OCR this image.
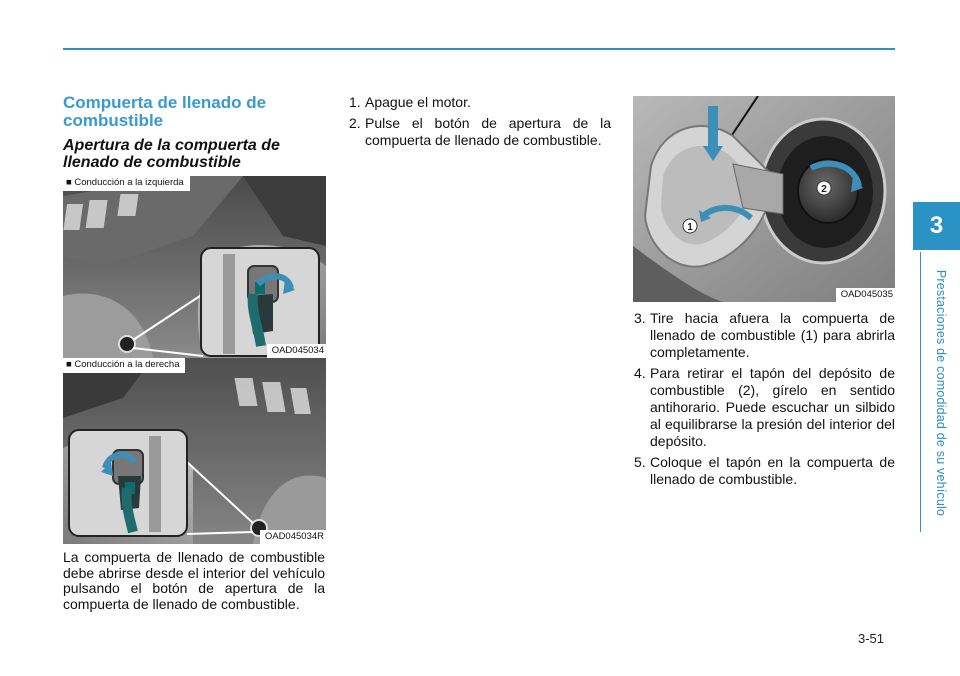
3
Prestaciones de comodidad de su vehículo
Compuerta de llenado de combustible
Apertura de la compuerta de llenado de combustible
■ Conducción a la izquierda
OAD045034
■ Conducción a la derecha
OAD045034R

La compuerta de llenado de combustible debe abrirse desde el interior del vehículo pulsando el botón de apertura de la compuerta de llenado de combustible.

2
1
OAD045035
1. Apague el motor.
2. Pulse el botón de apertura de la compuerta de llenado de combustible.
3. Tire hacia afuera la compuerta de llenado de combustible (1) para abrirla completamente.
4. Para retirar el tapón del depósito de combustible (2), gírelo en sentido antihorario. Puede escuchar un silbido al equilibrarse la presión del interior del depósito.
5. Coloque el tapón en la compuerta de llenado de combustible.
3-51
